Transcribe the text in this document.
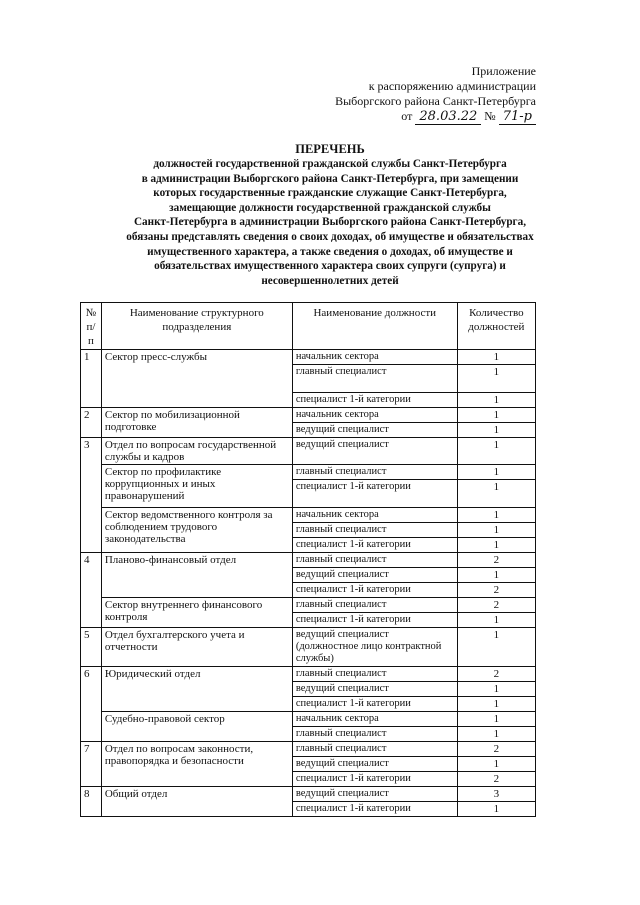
Приложение
к распоряжению администрации
Выборгского района Санкт-Петербурга
от 28.03.22 № 71-р
ПЕРЕЧЕНЬ
должностей государственной гражданской службы Санкт-Петербурга
в администрации Выборгского района Санкт-Петербурга, при замещении
которых государственные гражданские служащие Санкт-Петербурга,
замещающие должности государственной гражданской службы
Санкт-Петербурга в администрации Выборгского района Санкт-Петербурга,
обязаны представлять сведения о своих доходах, об имуществе и обязательствах
имущественного характера, а также сведения о доходах, об имуществе и
обязательствах имущественного характера своих супруги (супруга) и
несовершеннолетних детей
№ п/п	Наименование структурного подразделения	Наименование должности	Количество должностей
1	Сектор пресс-службы	начальник сектора	1
		главный специалист	1
		специалист 1-й категории	1
2	Сектор по мобилизационной подготовке	начальник сектора	1
		ведущий специалист	1
3	Отдел по вопросам государственной службы и кадров	ведущий специалист	1
	Сектор по профилактике коррупционных и иных правонарушений	главный специалист	1
		специалист 1-й категории	1
	Сектор ведомственного контроля за соблюдением трудового законодательства	начальник сектора	1
		главный специалист	1
		специалист 1-й категории	1
4	Планово-финансовый отдел	главный специалист	2
		ведущий специалист	1
		специалист 1-й категории	2
	Сектор внутреннего финансового контроля	главный специалист	2
		специалист 1-й категории	1
5	Отдел бухгалтерского учета и отчетности	ведущий специалист (должностное лицо контрактной службы)	1
6	Юридический отдел	главный специалист	2
		ведущий специалист	1
		специалист 1-й категории	1
	Судебно-правовой сектор	начальник сектора	1
		главный специалист	1
7	Отдел по вопросам законности, правопорядка и безопасности	главный специалист	2
		ведущий специалист	1
		специалист 1-й категории	2
8	Общий отдел	ведущий специалист	3
		специалист 1-й категории	1
